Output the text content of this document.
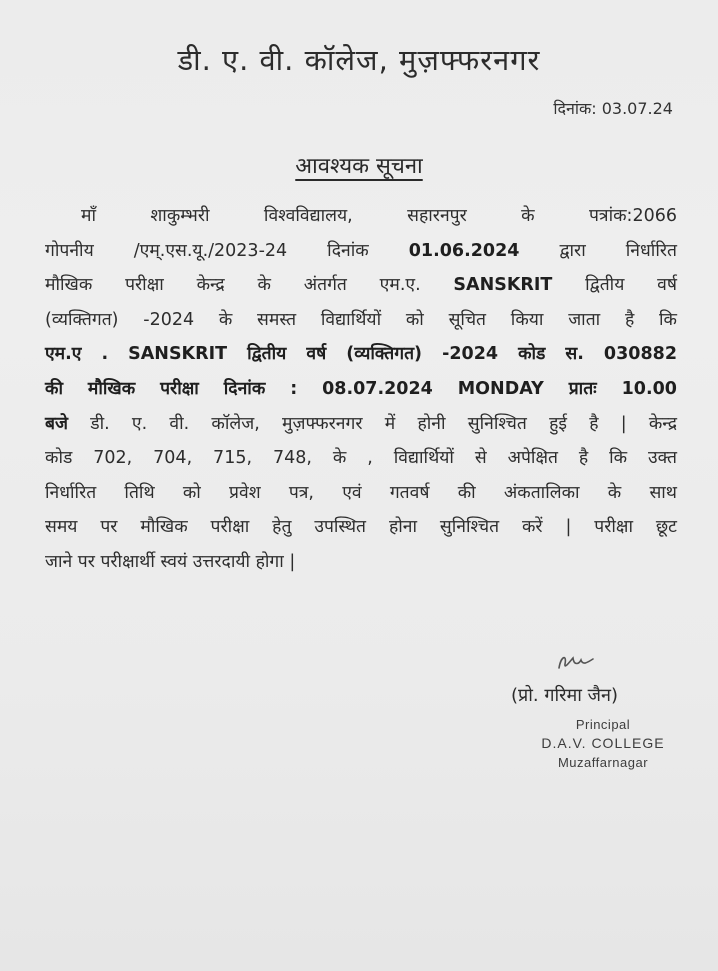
डी. ए. वी. कॉलेज, मुज़फ्फरनगर
दिनांक: 03.07.24
आवश्यक सूचना
माँ शाकुम्भरी विश्वविद्यालय, सहारनपुर के पत्रांक:2066
गोपनीय /एम्.एस.यू./2023-24 दिनांक 01.06.2024 द्वारा निर्धारित
मौखिक परीक्षा केन्द्र के अंतर्गत एम.ए. SANSKRIT द्वितीय वर्ष
(व्यक्तिगत) -2024 के समस्त विद्यार्थियों को सूचित किया जाता है कि
एम.ए . SANSKRIT द्वितीय वर्ष (व्यक्तिगत) -2024 कोड स. 030882
की मौखिक परीक्षा दिनांक : 08.07.2024 MONDAY प्रातः 10.00
बजे डी. ए. वी. कॉलेज, मुज़फ्फरनगर में होनी सुनिश्चित हुई है | केन्द्र
कोड 702, 704, 715, 748, के , विद्यार्थियों से अपेक्षित है कि उक्त
निर्धारित तिथि को प्रवेश पत्र, एवं गतवर्ष की अंकतालिका के साथ
समय पर मौखिक परीक्षा हेतु उपस्थित होना सुनिश्चित करें | परीक्षा छूट
जाने पर परीक्षार्थी स्वयं उत्तरदायी होगा |
(प्रो. गरिमा जैन)
Principal
D.A.V. COLLEGE
Muzaffarnagar
